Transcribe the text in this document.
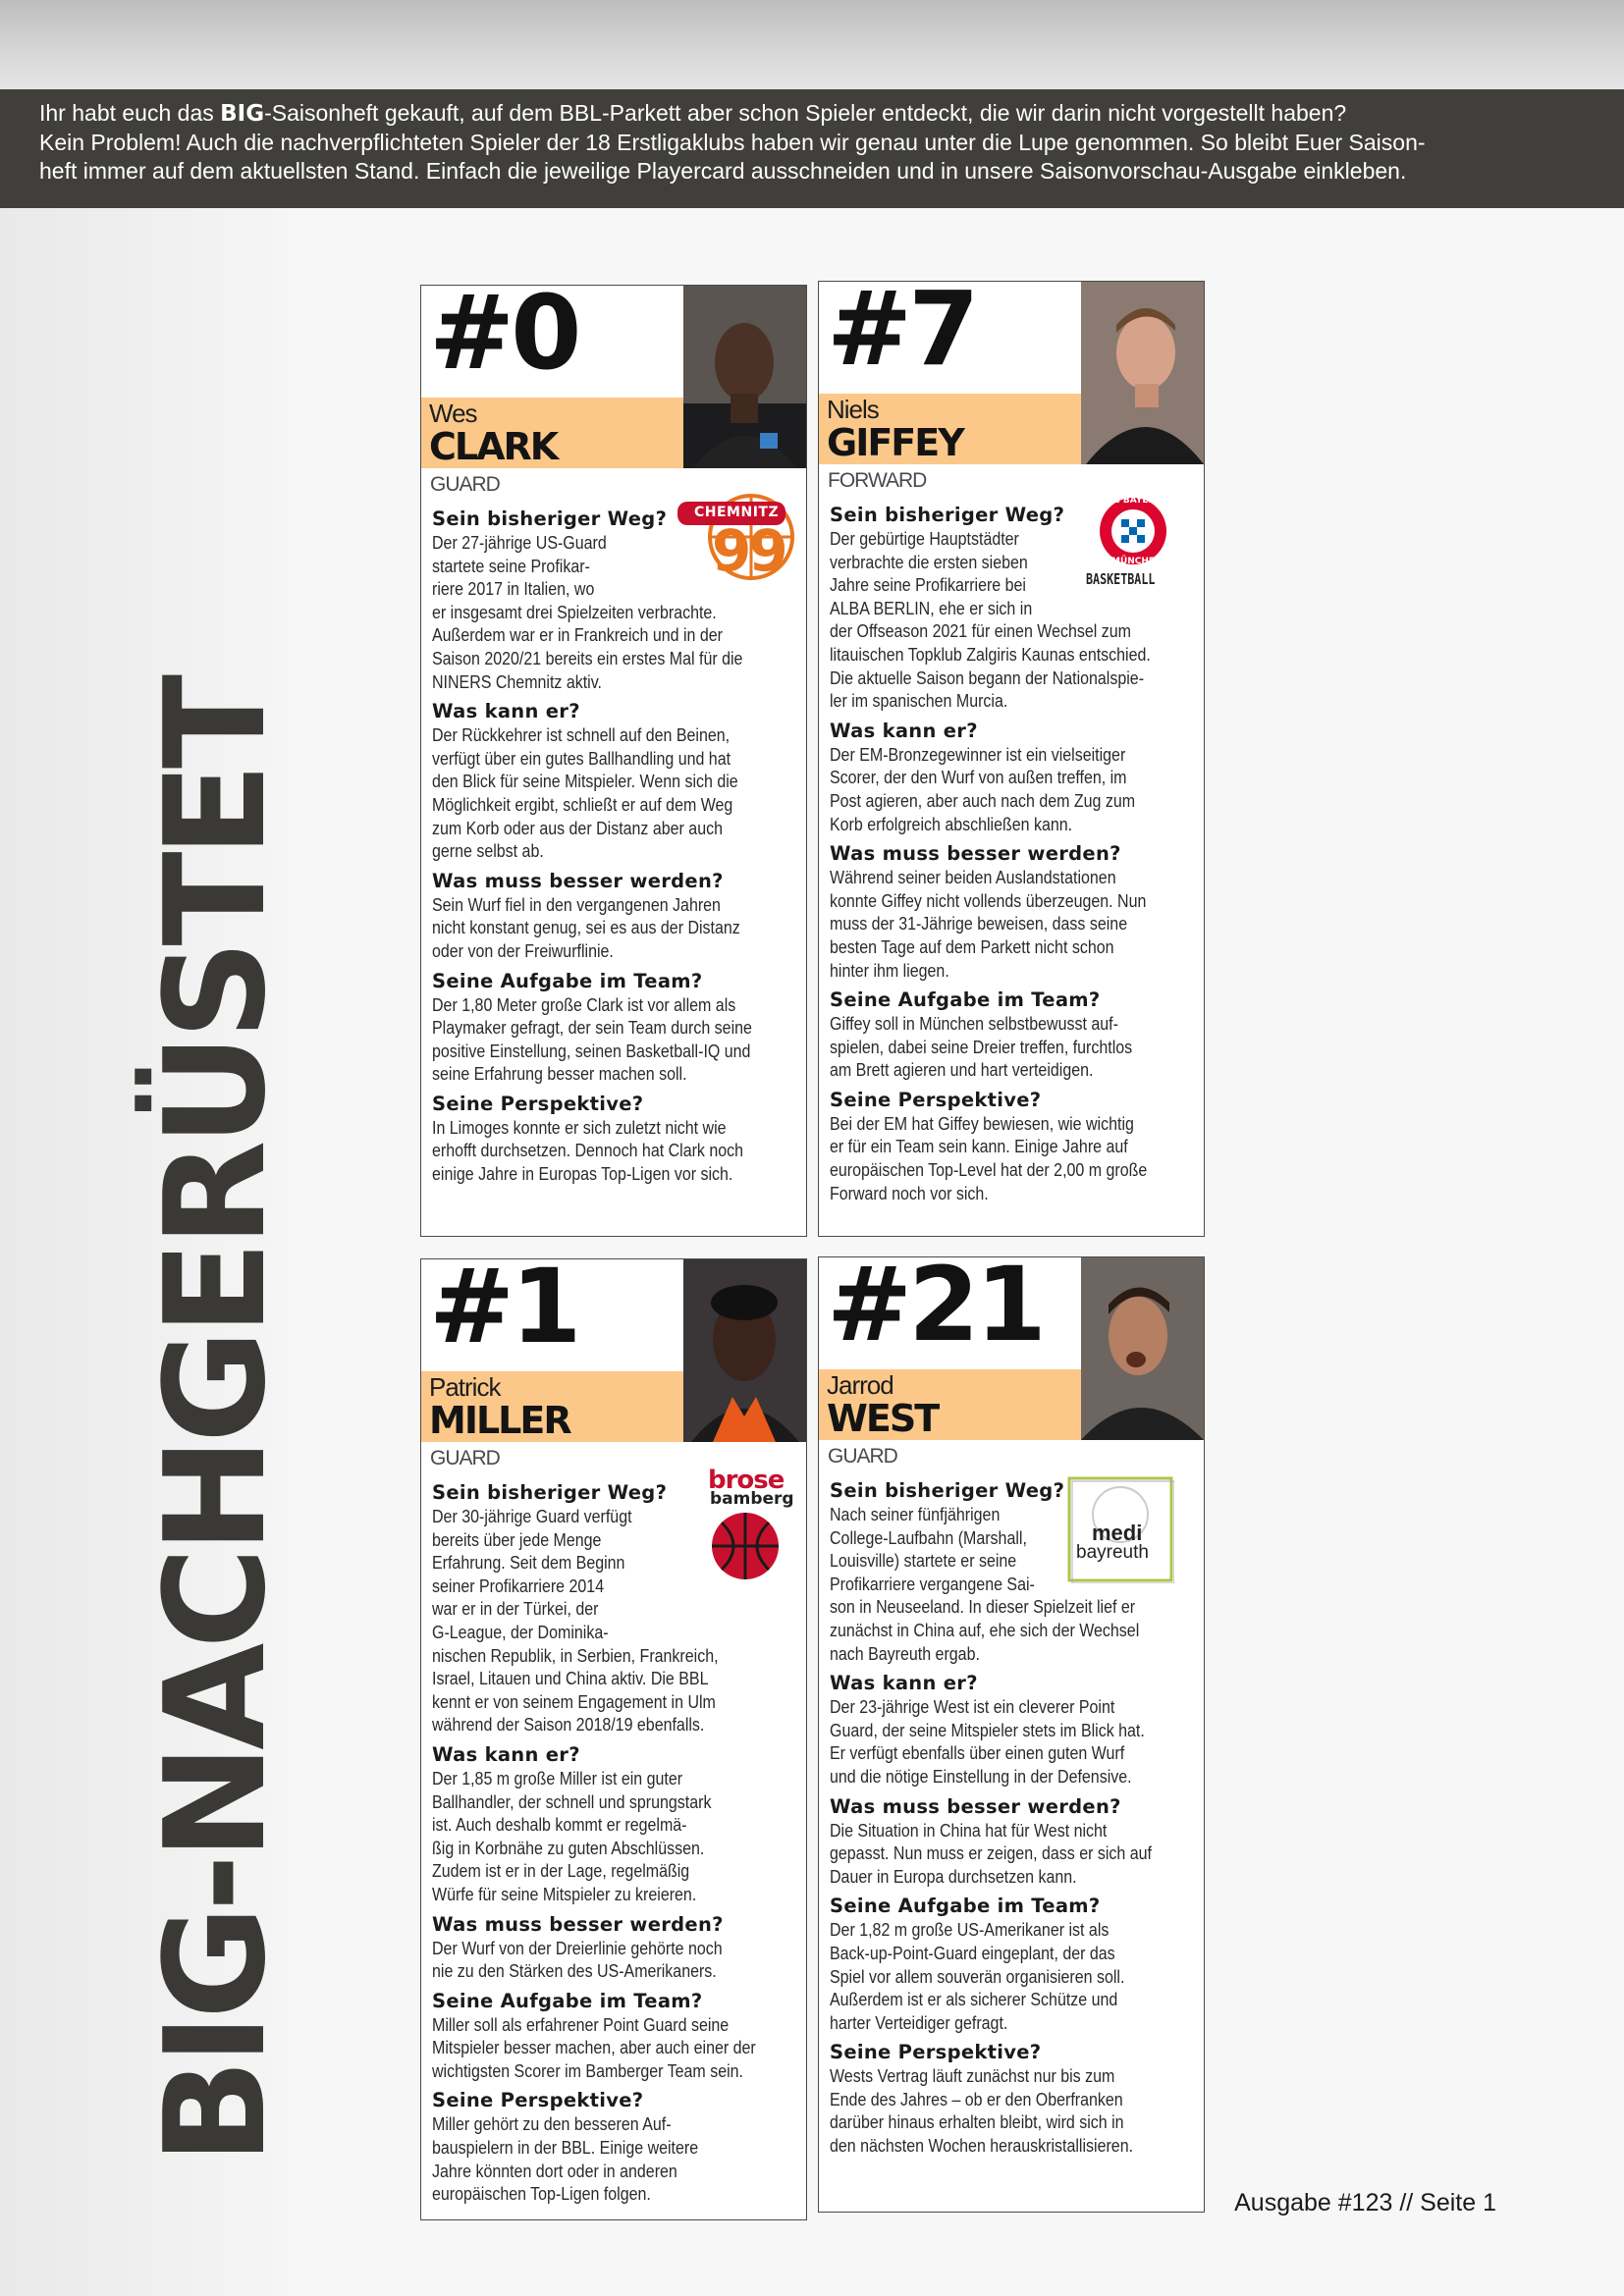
Ihr habt euch das BIG-Saisonheft gekauft, auf dem BBL-Parkett aber schon Spieler entdeckt, die wir darin nicht vorgestellt haben?

Kein Problem! Auch die nachverpflichteten Spieler der 18 Erstligaklubs haben wir genau unter die Lupe genommen. So bleibt Euer Saison-

heft immer auf dem aktuellsten Stand. Einfach die jeweilige Playercard ausschneiden und in unsere Saisonvorschau-Ausgabe einkleben.

BIG-NACHGERÜSTET
#0
Wes
CLARK
GUARD
CHEMNITZ
99
Sein bisheriger Weg?
Der 27-jährige US-Guard
startete seine Profikar-
riere 2017 in Italien, wo
er insgesamt drei Spielzeiten verbrachte.
Außerdem war er in Frankreich und in der
Saison 2020/21 bereits ein erstes Mal für die
NINERS Chemnitz aktiv.
Was kann er?
Der Rückkehrer ist schnell auf den Beinen,
verfügt über ein gutes Ballhandling und hat
den Blick für seine Mitspieler. Wenn sich die
Möglichkeit ergibt, schließt er auf dem Weg
zum Korb oder aus der Distanz aber auch
gerne selbst ab.
Was muss besser werden?
Sein Wurf fiel in den vergangenen Jahren
nicht konstant genug, sei es aus der Distanz
oder von der Freiwurflinie.
Seine Aufgabe im Team?
Der 1,80 Meter große Clark ist vor allem als
Playmaker gefragt, der sein Team durch seine
positive Einstellung, seinen Basketball-IQ und
seine Erfahrung besser machen soll.
Seine Perspektive?
In Limoges konnte er sich zuletzt nicht wie
erhofft durchsetzen. Dennoch hat Clark noch
einige Jahre in Europas Top-Ligen vor sich.
#7
Niels
GIFFEY
FORWARD
FC BAYERN
MÜNCHEN
BASKETBALL
Sein bisheriger Weg?
Der gebürtige Hauptstädter
verbrachte die ersten sieben
Jahre seine Profikarriere bei
ALBA BERLIN, ehe er sich in
der Offseason 2021 für einen Wechsel zum
litauischen Topklub Zalgiris Kaunas entschied.
Die aktuelle Saison begann der Nationalspie-
ler im spanischen Murcia.
Was kann er?
Der EM-Bronzegewinner ist ein vielseitiger
Scorer, der den Wurf von außen treffen, im
Post agieren, aber auch nach dem Zug zum
Korb erfolgreich abschließen kann.
Was muss besser werden?
Während seiner beiden Auslandstationen
konnte Giffey nicht vollends überzeugen. Nun
muss der 31-Jährige beweisen, dass seine
besten Tage auf dem Parkett nicht schon
hinter ihm liegen.
Seine Aufgabe im Team?
Giffey soll in München selbstbewusst auf-
spielen, dabei seine Dreier treffen, furchtlos
am Brett agieren und hart verteidigen.
Seine Perspektive?
Bei der EM hat Giffey bewiesen, wie wichtig
er für ein Team sein kann. Einige Jahre auf
europäischen Top-Level hat der 2,00 m große
Forward noch vor sich.
#1
Patrick
MILLER
GUARD
brose
bamberg
Sein bisheriger Weg?
Der 30-jährige Guard verfügt
bereits über jede Menge
Erfahrung. Seit dem Beginn
seiner Profikarriere 2014
war er in der Türkei, der
G-League, der Dominika-
nischen Republik, in Serbien, Frankreich,
Israel, Litauen und China aktiv. Die BBL
kennt er von seinem Engagement in Ulm
während der Saison 2018/19 ebenfalls.
Was kann er?
Der 1,85 m große Miller ist ein guter
Ballhandler, der schnell und sprungstark
ist. Auch deshalb kommt er regelmä-
ßig in Korbnähe zu guten Abschlüssen.
Zudem ist er in der Lage, regelmäßig
Würfe für seine Mitspieler zu kreieren.
Was muss besser werden?
Der Wurf von der Dreierlinie gehörte noch
nie zu den Stärken des US-Amerikaners.
Seine Aufgabe im Team?
Miller soll als erfahrener Point Guard seine
Mitspieler besser machen, aber auch einer der
wichtigsten Scorer im Bamberger Team sein.
Seine Perspektive?
Miller gehört zu den besseren Auf-
bauspielern in der BBL. Einige weitere
Jahre könnten dort oder in anderen
europäischen Top-Ligen folgen.
#21
Jarrod
WEST
GUARD
medi
bayreuth
Sein bisheriger Weg?
Nach seiner fünfjährigen
College-Laufbahn (Marshall,
Louisville) startete er seine
Profikarriere vergangene Sai-
son in Neuseeland. In dieser Spielzeit lief er
zunächst in China auf, ehe sich der Wechsel
nach Bayreuth ergab.
Was kann er?
Der 23-jährige West ist ein cleverer Point
Guard, der seine Mitspieler stets im Blick hat.
Er verfügt ebenfalls über einen guten Wurf
und die nötige Einstellung in der Defensive.
Was muss besser werden?
Die Situation in China hat für West nicht
gepasst. Nun muss er zeigen, dass er sich auf
Dauer in Europa durchsetzen kann.
Seine Aufgabe im Team?
Der 1,82 m große US-Amerikaner ist als
Back-up-Point-Guard eingeplant, der das
Spiel vor allem souverän organisieren soll.
Außerdem ist er als sicherer Schütze und
harter Verteidiger gefragt.
Seine Perspektive?
Wests Vertrag läuft zunächst nur bis zum
Ende des Jahres – ob er den Oberfranken
darüber hinaus erhalten bleibt, wird sich in
den nächsten Wochen herauskristallisieren.
Ausgabe #123 // Seite 1
